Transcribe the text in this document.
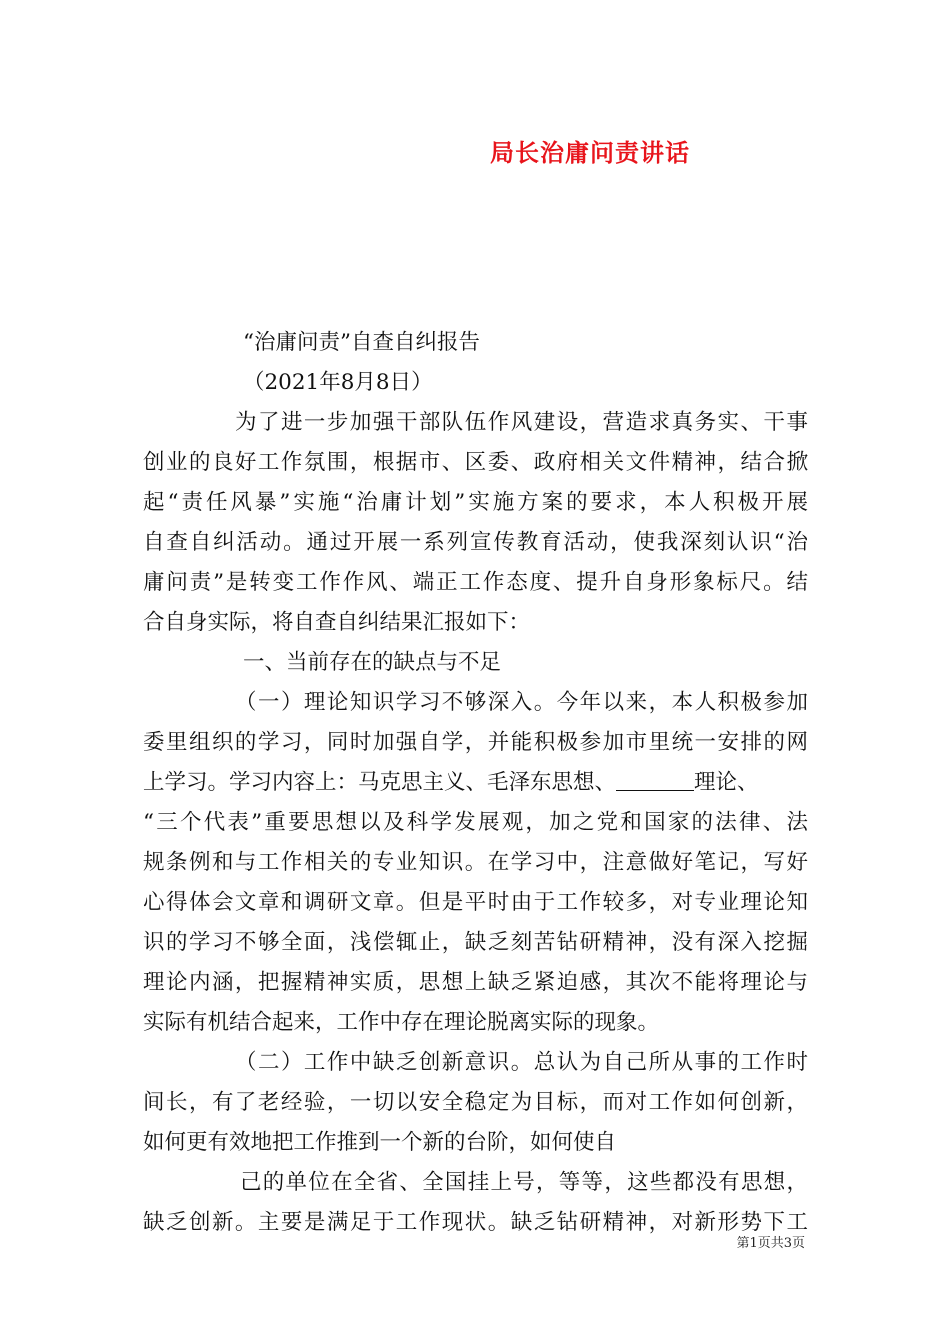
局长治庸问责讲话
“治庸问责”自查自纠报告
（2021年8月8日）
为了进一步加强干部队伍作风建设，营造求真务实、干事
创业的良好工作氛围，根据市、区委、政府相关文件精神，结合掀
起“责任风暴”实施“治庸计划”实施方案的要求，本人积极开展
自查自纠活动。通过开展一系列宣传教育活动，使我深刻认识“治
庸问责”是转变工作作风、端正工作态度、提升自身形象标尺。结
合自身实际，将自查自纠结果汇报如下：
一、当前存在的缺点与不足
（一）理论知识学习不够深入。今年以来，本人积极参加
委里组织的学习，同时加强自学，并能积极参加市里统一安排的网
上学习。学习内容上：马克思主义、毛泽东思想、	理论、
“三个代表”重要思想以及科学发展观，加之党和国家的法律、法
规条例和与工作相关的专业知识。在学习中，注意做好笔记，写好
心得体会文章和调研文章。但是平时由于工作较多，对专业理论知
识的学习不够全面，浅偿辄止，缺乏刻苦钻研精神，没有深入挖掘
理论内涵，把握精神实质，思想上缺乏紧迫感，其次不能将理论与
实际有机结合起来，工作中存在理论脱离实际的现象。
（二）工作中缺乏创新意识。总认为自己所从事的工作时
间长，有了老经验，一切以安全稳定为目标，而对工作如何创新，
如何更有效地把工作推到一个新的台阶，如何使自
己的单位在全省、全国挂上号，等等，这些都没有思想，
缺乏创新。主要是满足于工作现状。缺乏钻研精神，对新形势下工
第1页共3页
